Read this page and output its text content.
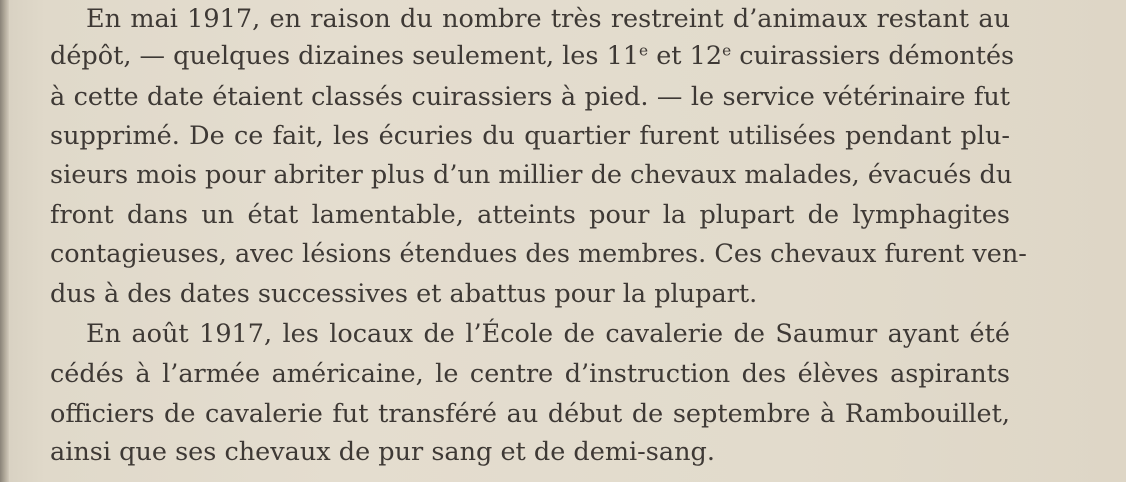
En mai 1917, en raison du nombre très restreint d’animaux restant au
dépôt, — quelques dizaines seulement, les 11e et 12e cuirassiers démontés
à cette date étaient classés cuirassiers à pied. — le service vétérinaire fut
supprimé. De ce fait, les écuries du quartier furent utilisées pendant plu-
sieurs mois pour abriter plus d’un millier de chevaux malades, évacués du
front dans un état lamentable, atteints pour la plupart de lymphagites
contagieuses, avec lésions étendues des membres. Ces chevaux furent ven-
dus à des dates successives et abattus pour la plupart.
En août 1917, les locaux de l’École de cavalerie de Saumur ayant été
cédés à l’armée américaine, le centre d’instruction des élèves aspirants
officiers de cavalerie fut transféré au début de septembre à Rambouillet,
ainsi que ses chevaux de pur sang et de demi-sang.
